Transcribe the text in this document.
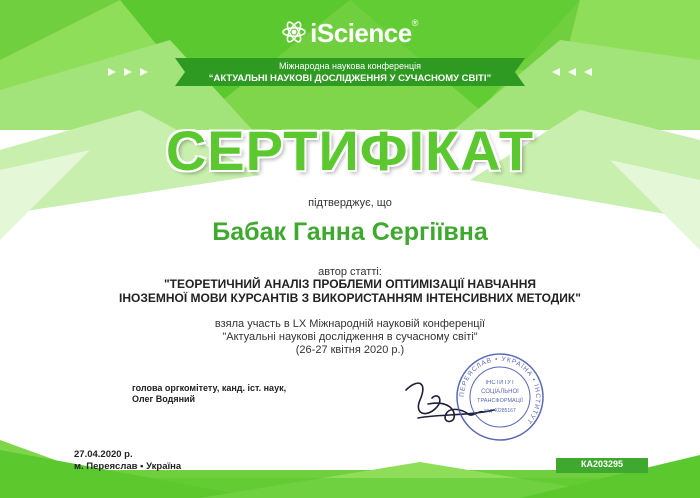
iScience®
Міжнародна наукова конференція
“АКТУАЛЬНІ НАУКОВІ ДОСЛІДЖЕННЯ У СУЧАСНОМУ СВІТІ”
СЕРТИФІКАТ
підтверджує, що
Бабак Ганна Сергіївна
автор статті:
"ТЕОРЕТИЧНИЙ АНАЛІЗ ПРОБЛЕМИ ОПТИМІЗАЦІЇ НАВЧАННЯ
ІНОЗЕМНОЇ МОВИ КУРСАНТІВ З ВИКОРИСТАННЯМ ІНТЕНСИВНИХ МЕТОДИК"
взяла участь в LX Міжнародній науковій конференції
"Актуальні наукові дослідження в сучасному світі"
(26-27 квітня 2020 р.)
голова оргкомітету, канд. іст. наук,
Олег Водяний	ПЕРЕЯСЛАВ • УКРАЇНА • ІНСТИТУТ
ІНСТИТУТ
СОЦІАЛЬНОЇ
ТРАНСФОРМАЦІЇ
код 40285167
27.04.2020 р.
м. Переяслав • Україна	КА203295
